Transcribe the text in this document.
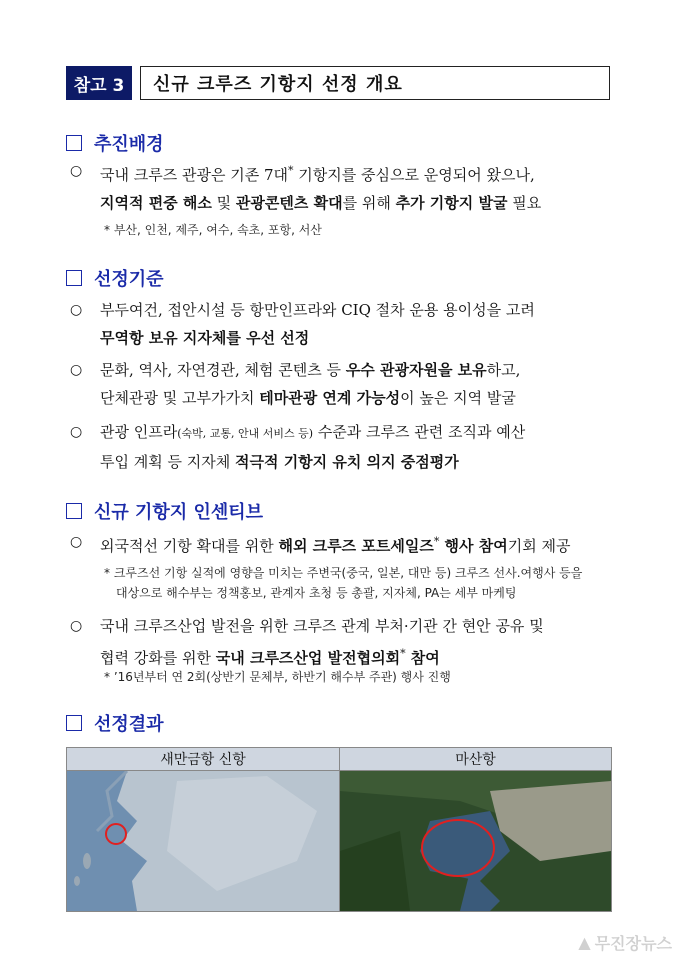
참고 3	신규 크루즈 기항지 선정 개요
추진배경
○ 국내 크루즈 관광은 기존 7대* 기항지를 중심으로 운영되어 왔으나,
지역적 편중 해소 및 관광콘텐츠 확대를 위해 추가 기항지 발굴 필요
* 부산, 인천, 제주, 여수, 속초, 포항, 서산
선정기준
○ 부두여건, 접안시설 등 항만인프라와 CIQ 절차 운용 용이성을 고려
무역항 보유 지자체를 우선 선정
○ 문화, 역사, 자연경관, 체험 콘텐츠 등 우수 관광자원을 보유하고,
단체관광 및 고부가가치 테마관광 연계 가능성이 높은 지역 발굴
○ 관광 인프라(숙박, 교통, 안내 서비스 등) 수준과 크루즈 관련 조직과 예산
투입 계획 등 지자체 적극적 기항지 유치 의지 중점평가
신규 기항지 인센티브
○ 외국적선 기항 확대를 위한 해외 크루즈 포트세일즈* 행사 참여기회 제공
* 크루즈선 기항 실적에 영향을 미치는 주변국(중국, 일본, 대만 등) 크루즈 선사.여행사 등을
대상으로 해수부는 정책홍보, 관계자 초청 등 총괄, 지자체, PA는 세부 마케팅
○ 국내 크루즈산업 발전을 위한 크루즈 관계 부처·기관 간 현안 공유 및
협력 강화를 위한 국내 크루즈산업 발전협의회* 참여
* ’16년부터 연 2회(상반기 문체부, 하반기 해수부 주관) 행사 진행
선정결과
새만금항 신항	마산항
▲ 무진장뉴스
